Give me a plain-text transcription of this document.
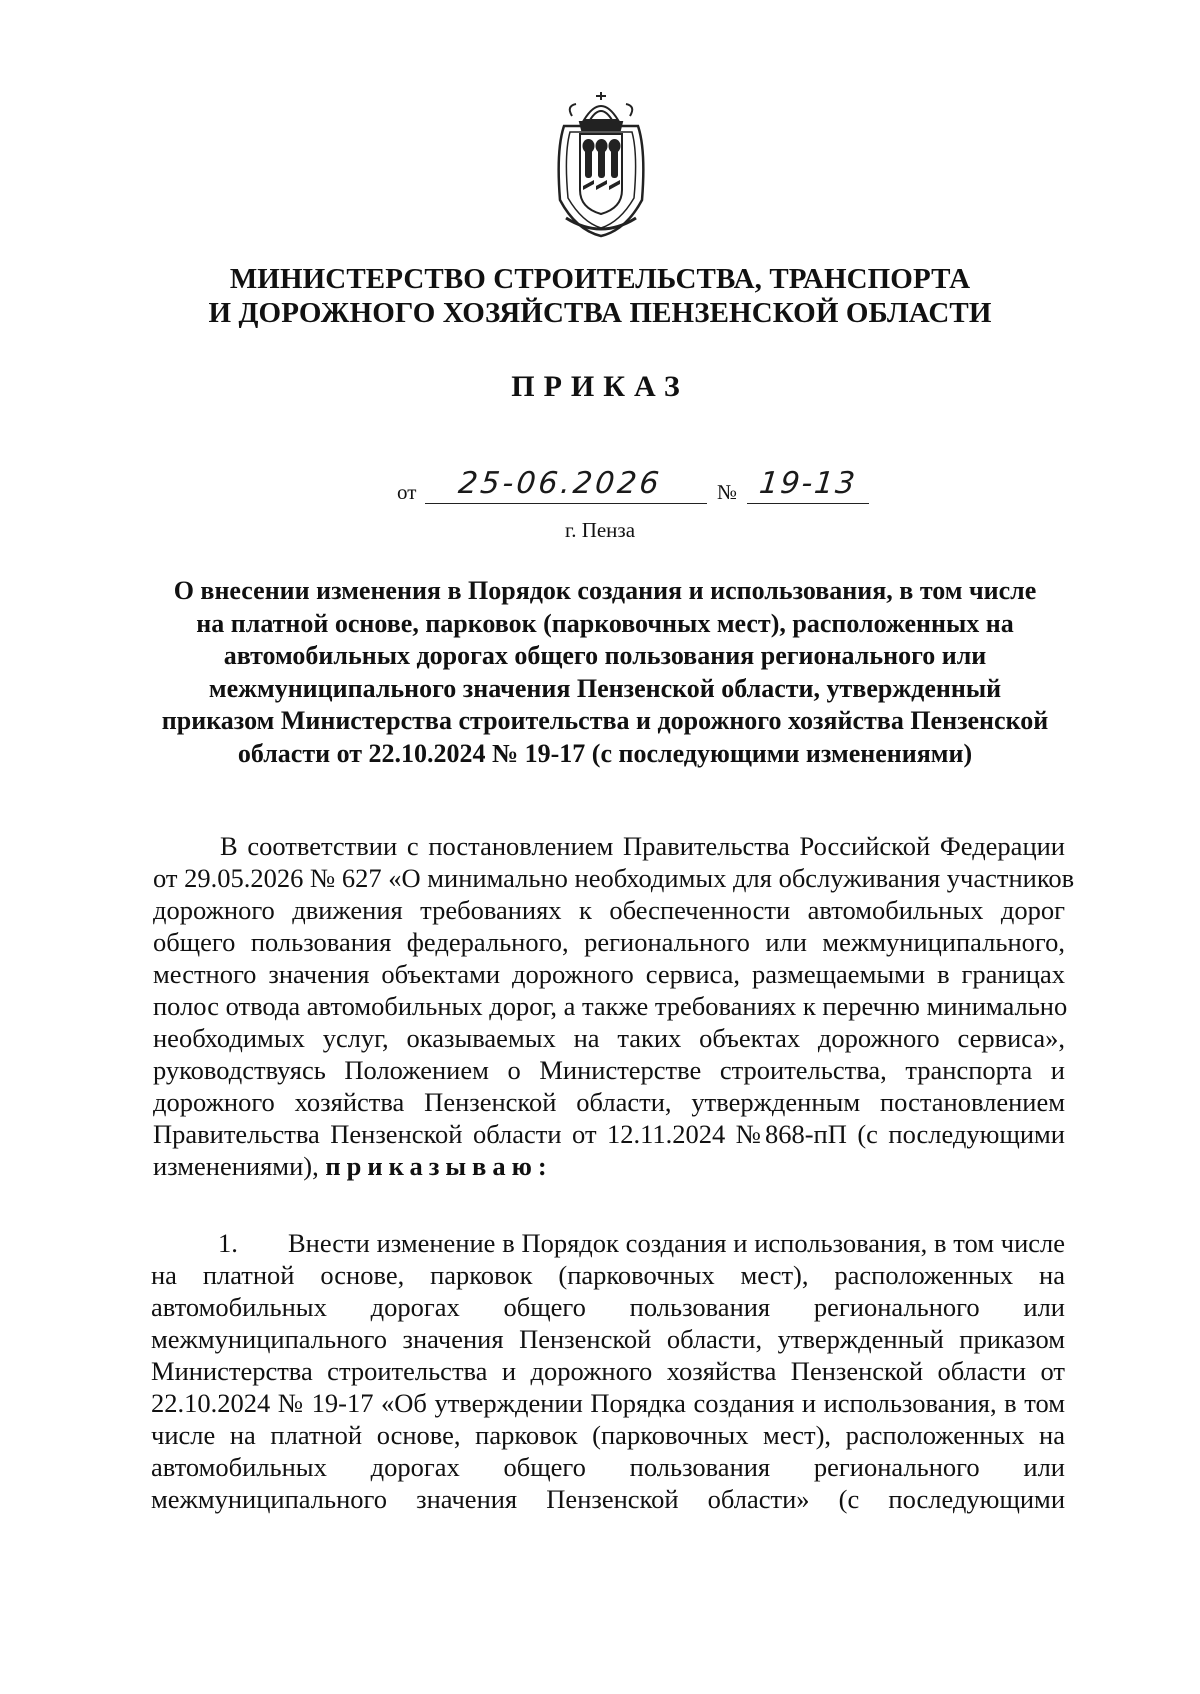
МИНИСТЕРСТВО СТРОИТЕЛЬСТВА, ТРАНСПОРТА
И ДОРОЖНОГО ХОЗЯЙСТВА ПЕНЗЕНСКОЙ ОБЛАСТИ
ПРИКАЗ
от	25-06.2026	№ 19-13
г. Пенза
О внесении изменения в Порядок создания и использования, в том числе
на платной основе, парковок (парковочных мест), расположенных на
автомобильных дорогах общего пользования регионального или
межмуниципального значения Пензенской области, утвержденный
приказом Министерства строительства и дорожного хозяйства Пензенской
области от 22.10.2024 № 19-17 (с последующими изменениями)
В соответствии с постановлением Правительства Российской Федерации
от 29.05.2026 № 627 «О минимально необходимых для обслуживания участников
дорожного движения требованиях к обеспеченности автомобильных дорог
общего пользования федерального, регионального или межмуниципального,
местного значения объектами дорожного сервиса, размещаемыми в границах
полос отвода автомобильных дорог, а также требованиях к перечню минимально
необходимых услуг, оказываемых на таких объектах дорожного сервиса»,
руководствуясь Положением о Министерстве строительства, транспорта и
дорожного хозяйства Пензенской области, утвержденным постановлением
Правительства Пензенской области от 12.11.2024 №868-пП (с последующими
изменениями), приказываю:
1. Внести изменение в Порядок создания и использования, в том числе
на платной основе, парковок (парковочных мест), расположенных на
автомобильных дорогах общего пользования регионального или
межмуниципального значения Пензенской области, утвержденный приказом
Министерства строительства и дорожного хозяйства Пензенской области от
22.10.2024 № 19-17 «Об утверждении Порядка создания и использования, в том
числе на платной основе, парковок (парковочных мест), расположенных на
автомобильных дорогах общего пользования регионального или
межмуниципального значения Пензенской области» (с последующими
